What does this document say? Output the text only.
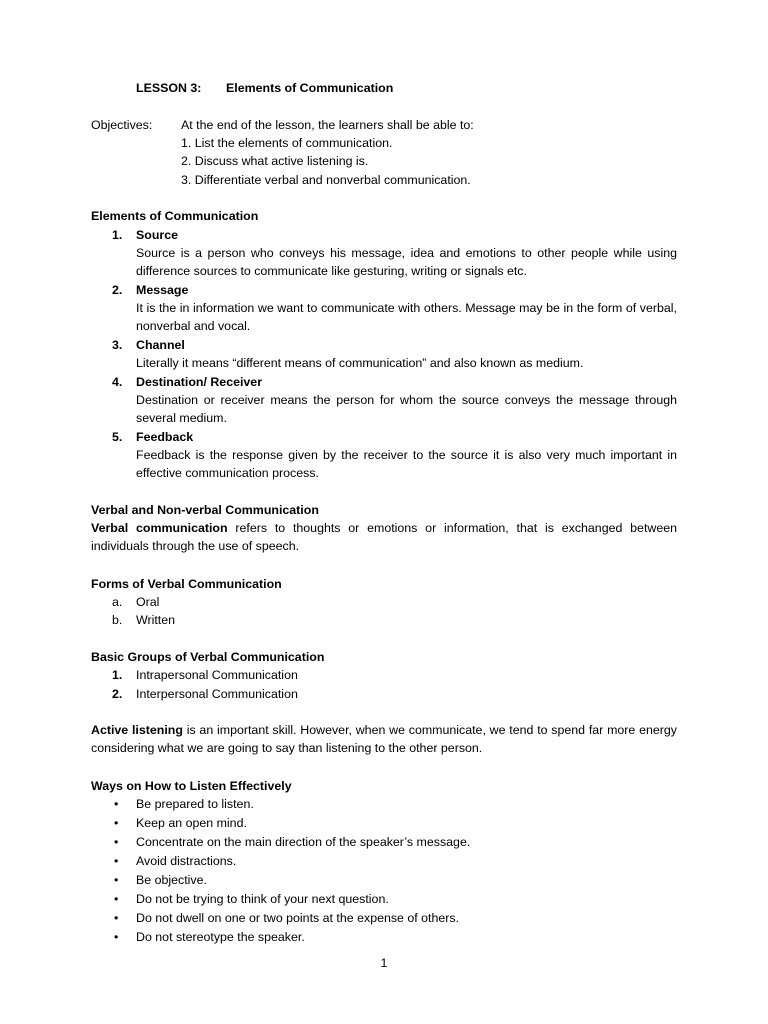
LESSON 3: Elements of Communication
Objectives: At the end of the lesson, the learners shall be able to:
1. List the elements of communication.
2. Discuss what active listening is.
3. Differentiate verbal and nonverbal communication.
Elements of Communication
1. Source
Source is a person who conveys his message, idea and emotions to other people while using difference sources to communicate like gesturing, writing or signals etc.
2. Message
It is the in information we want to communicate with others. Message may be in the form of verbal, nonverbal and vocal.
3. Channel
Literally it means “different means of communication” and also known as medium.
4. Destination/ Receiver
Destination or receiver means the person for whom the source conveys the message through several medium.
5. Feedback
Feedback is the response given by the receiver to the source it is also very much important in effective communication process.
Verbal and Non-verbal Communication
Verbal communication refers to thoughts or emotions or information, that is exchanged between individuals through the use of speech.
Forms of Verbal Communication
a. Oral
b. Written
Basic Groups of Verbal Communication
1. Intrapersonal Communication
2. Interpersonal Communication
Active listening is an important skill. However, when we communicate, we tend to spend far more energy considering what we are going to say than listening to the other person.
Ways on How to Listen Effectively
• Be prepared to listen.
• Keep an open mind.
• Concentrate on the main direction of the speaker’s message.
• Avoid distractions.
• Be objective.
• Do not be trying to think of your next question.
• Do not dwell on one or two points at the expense of others.
• Do not stereotype the speaker.
1
